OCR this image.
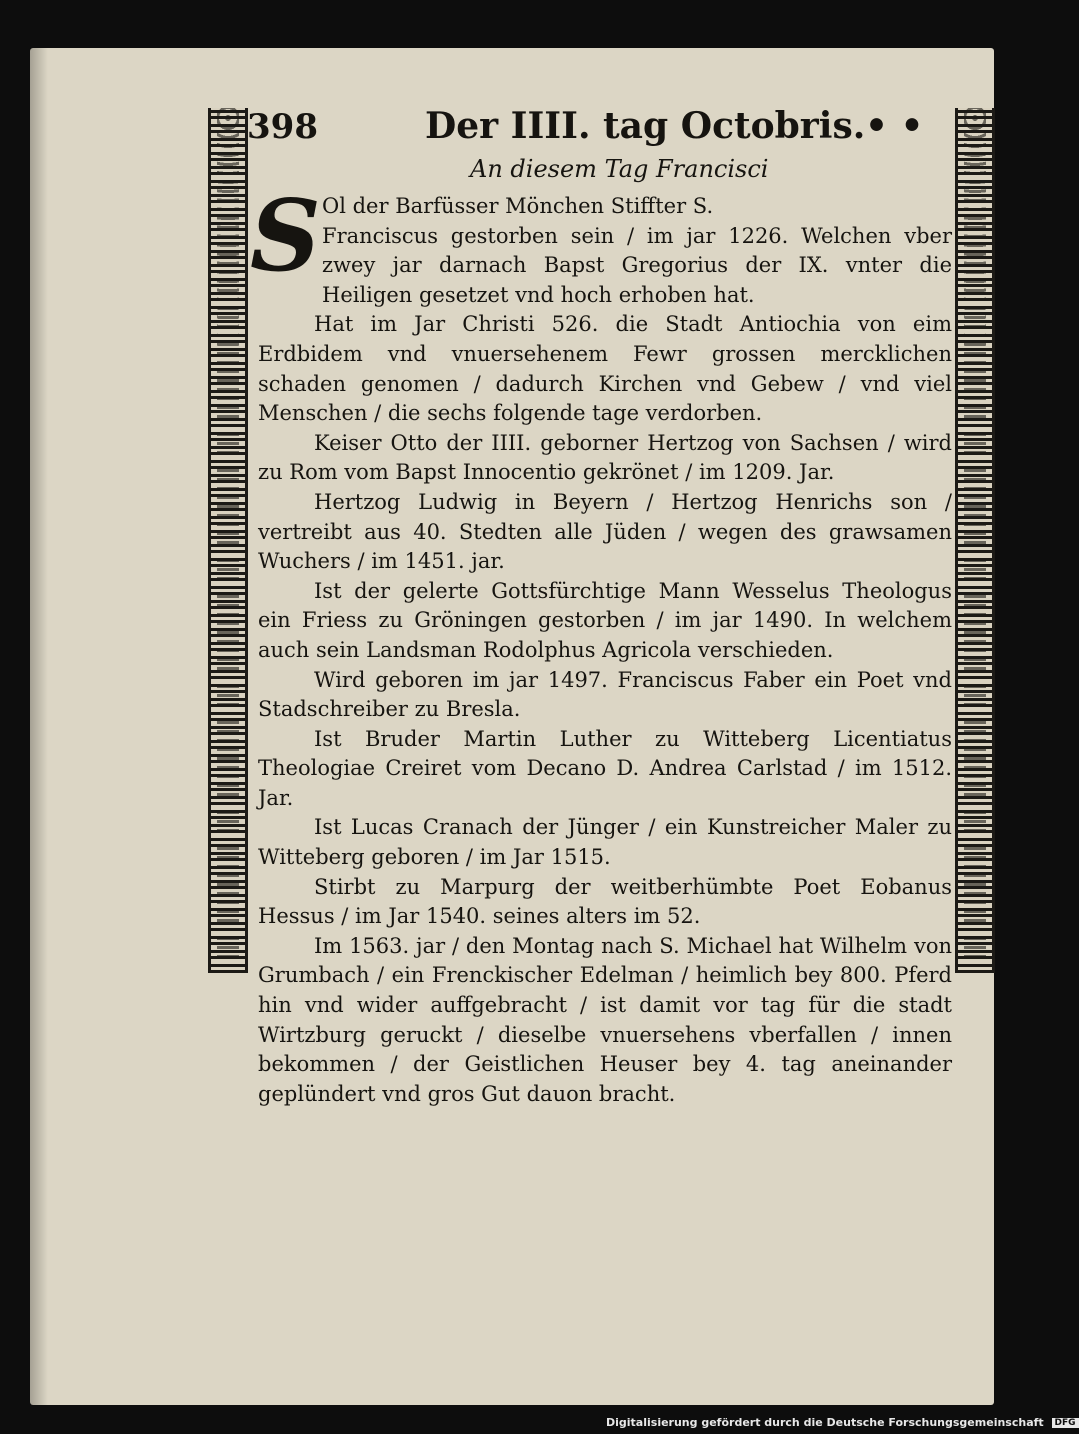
398	Der IIII. tag Octobris. • •
An diesem Tag Francisci
S Ol der Barfüsser Mönchen Stiffter S.
Franciscus gestorben sein / im jar 1226. Welchen vber zwey jar darnach Bapst Gregorius der IX. vnter die Heiligen gesetzet vnd hoch erhoben hat.

Hat im Jar Christi 526. die Stadt Antiochia von eim Erdbidem vnd vnuersehenem Fewr grossen mercklichen schaden genomen / dadurch Kirchen vnd Gebew / vnd viel Menschen / die sechs folgende tage verdorben.

Keiser Otto der IIII. geborner Hertzog von Sachsen / wird zu Rom vom Bapst Innocentio gekrönet / im 1209. Jar.

Hertzog Ludwig in Beyern / Hertzog Henrichs son / vertreibt aus 40. Stedten alle Jüden / wegen des grawsamen Wuchers / im 1451. jar.

Ist der gelerte Gottsfürchtige Mann Wesselus Theologus ein Friess zu Gröningen gestorben / im jar 1490. In welchem auch sein Landsman Rodolphus Agricola verschieden.

Wird geboren im jar 1497. Franciscus Faber ein Poet vnd Stadschreiber zu Bresla.

Ist Bruder Martin Luther zu Witteberg Licentiatus Theologiae Creiret vom Decano D. Andrea Carlstad / im 1512. Jar.

Ist Lucas Cranach der Jünger / ein Kunstreicher Maler zu Witteberg geboren / im Jar 1515.

Stirbt zu Marpurg der weitberhümbte Poet Eobanus Hessus / im Jar 1540. seines alters im 52.

Im 1563. jar / den Montag nach S. Michael hat Wilhelm von Grumbach / ein Frenckischer Edelman / heimlich bey 800. Pferd hin vnd wider auffgebracht / ist damit vor tag für die stadt Wirtzburg geruckt / dieselbe vnuersehens vberfallen / innen bekommen / der Geistlichen Heuser bey 4. tag aneinander geplündert vnd gros Gut dauon bracht.

Digitalisierung gefördert durch die Deutsche Forschungsgemeinschaft DFG
